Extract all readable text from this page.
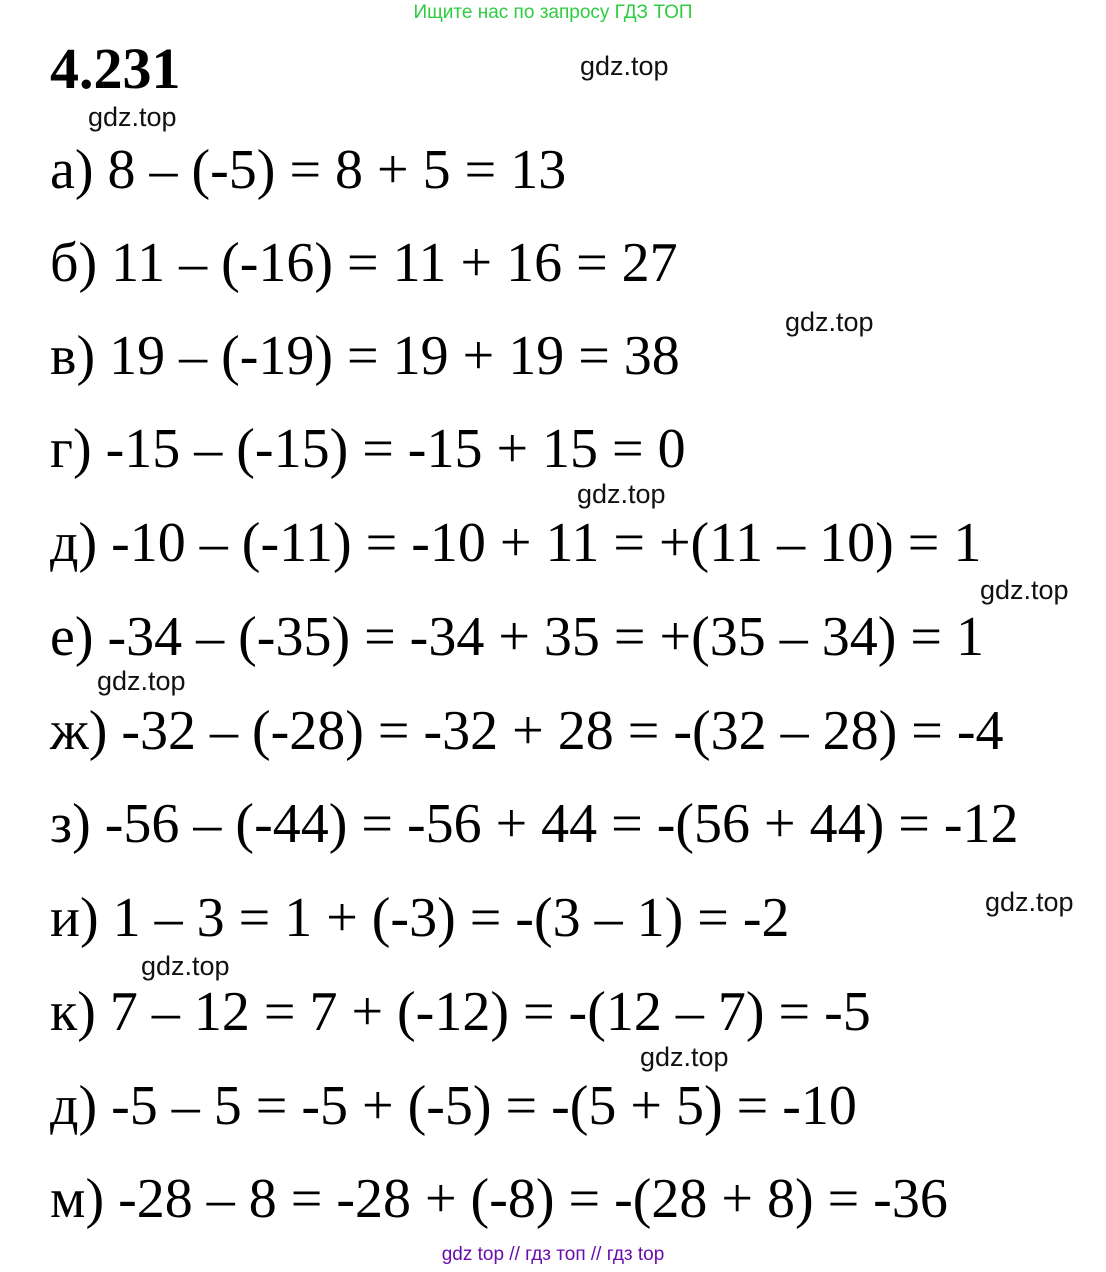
Ищите нас по запросу ГДЗ ТОП
4.231
а) 8 – (-5) = 8 + 5 = 13
б) 11 – (-16) = 11 + 16 = 27
в) 19 – (-19) = 19 + 19 = 38
г) -15 – (-15) = -15 + 15 = 0
д) -10 – (-11) = -10 + 11 = +(11 – 10) = 1
е) -34 – (-35) = -34 + 35 = +(35 – 34) = 1
ж) -32 – (-28) = -32 + 28 = -(32 – 28) = -4
з) -56 – (-44) = -56 + 44 = -(56 + 44) = -12
и) 1 – 3 = 1 + (-3) = -(3 – 1) = -2
к) 7 – 12 = 7 + (-12) = -(12 – 7) = -5
д) -5 – 5 = -5 + (-5) = -(5 + 5) = -10
м) -28 – 8 = -28 + (-8) = -(28 + 8) = -36
gdz.top
gdz.top
gdz.top
gdz.top
gdz.top
gdz.top
gdz.top
gdz.top
gdz.top
gdz top // гдз топ // гдз top
